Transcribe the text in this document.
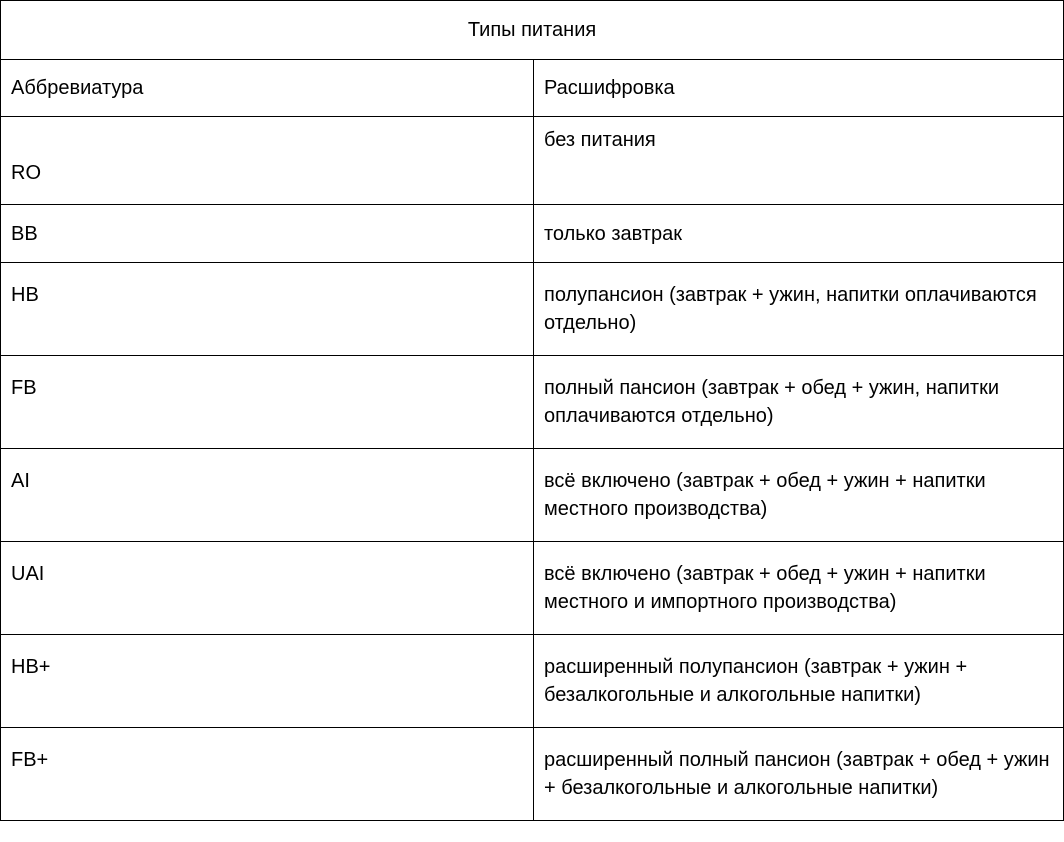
Типы питания	
Аббревиатура	Расшифровка
RO	без питания
BB	только завтрак
HB	полупансион (завтрак + ужин, напитки оплачиваются отдельно)
FB	полный пансион (завтрак + обед + ужин, напитки оплачиваются отдельно)
AI	всё включено (завтрак + обед + ужин + напитки местного производства)
UAI	всё включено (завтрак + обед + ужин + напитки местного и импортного производства)
HB+	расширенный полупансион (завтрак + ужин + безалкогольные и алкогольные напитки)
FB+	расширенный полный пансион (завтрак + обед + ужин + безалкогольные и алкогольные напитки)
